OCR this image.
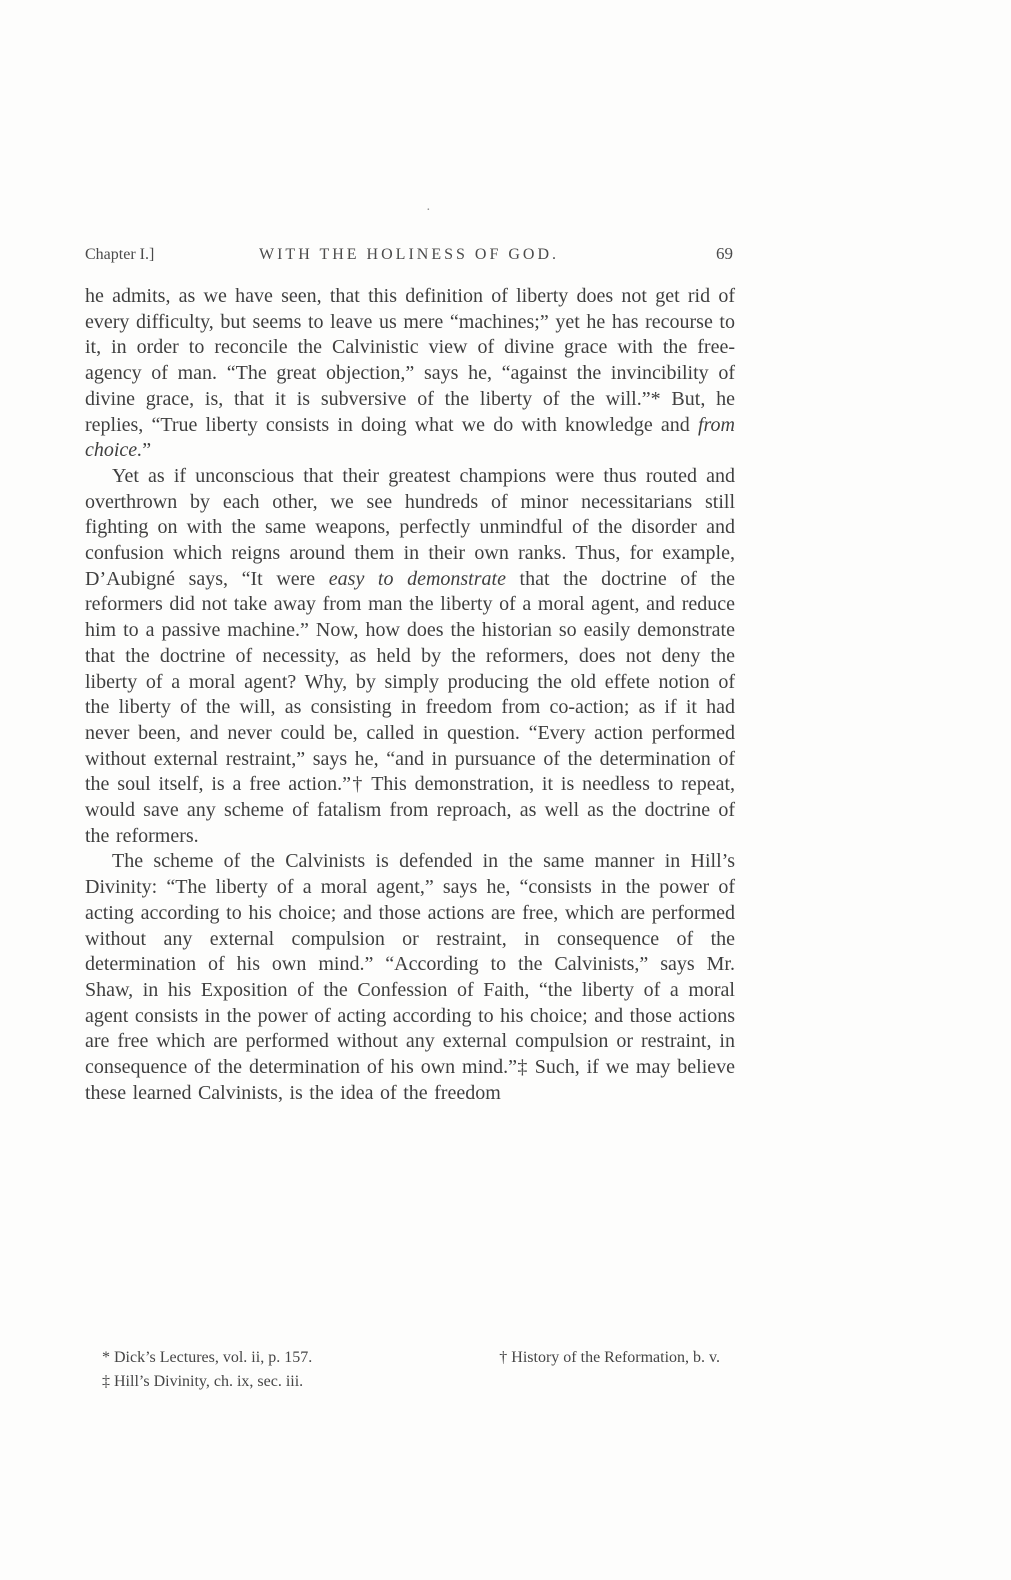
·
Chapter I.]	WITH THE HOLINESS OF GOD.	69

he admits, as we have seen, that this definition of liberty does not get rid of every difficulty, but seems to leave us mere “machines;” yet he has recourse to it, in order to reconcile the Calvinistic view of divine grace with the free-agency of man. “The great objection,” says he, “against the invincibility of divine grace, is, that it is subversive of the liberty of the will.”* But, he replies, “True liberty consists in doing what we do with knowledge and from choice.”

Yet as if unconscious that their greatest champions were thus routed and overthrown by each other, we see hundreds of minor necessitarians still fighting on with the same weapons, perfectly unmindful of the disorder and confusion which reigns around them in their own ranks. Thus, for example, D’Aubigné says, “It were easy to demonstrate that the doctrine of the reformers did not take away from man the liberty of a moral agent, and reduce him to a passive machine.” Now, how does the historian so easily demonstrate that the doctrine of necessity, as held by the reformers, does not deny the liberty of a moral agent? Why, by simply producing the old effete notion of the liberty of the will, as consisting in freedom from co-action; as if it had never been, and never could be, called in question. “Every action performed without external restraint,” says he, “and in pursuance of the determination of the soul itself, is a free action.”† This demonstration, it is needless to repeat, would save any scheme of fatalism from reproach, as well as the doctrine of the reformers.

The scheme of the Calvinists is defended in the same manner in Hill’s Divinity: “The liberty of a moral agent,” says he, “consists in the power of acting according to his choice; and those actions are free, which are performed without any external compulsion or restraint, in consequence of the determination of his own mind.” “According to the Calvinists,” says Mr. Shaw, in his Exposition of the Confession of Faith, “the liberty of a moral agent consists in the power of acting according to his choice; and those actions are free which are performed without any external compulsion or restraint, in consequence of the determination of his own mind.”‡ Such, if we may believe these learned Calvinists, is the idea of the freedom

* Dick’s Lectures, vol. ii, p. 157.	† History of the Reformation, b. v.
‡ Hill’s Divinity, ch. ix, sec. iii.
